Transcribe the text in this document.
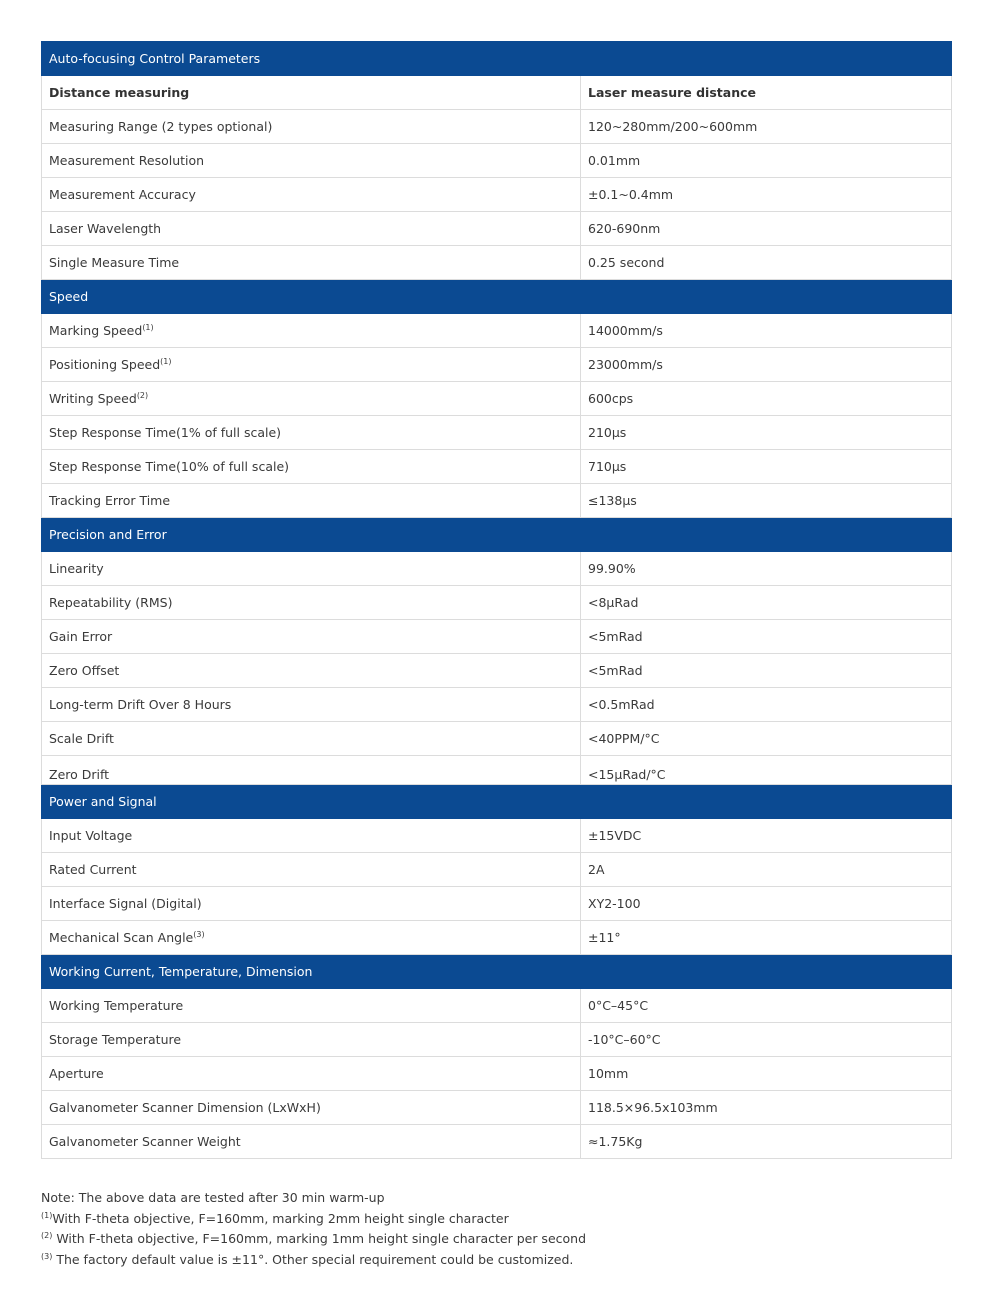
Auto-focusing Control Parameters	
Distance measuring	Laser measure distance
Measuring Range (2 types optional)	120~280mm/200~600mm
Measurement Resolution	0.01mm
Measurement Accuracy	±0.1~0.4mm
Laser Wavelength	620-690nm
Single Measure Time	0.25 second
Speed	
Marking Speed$^{(1)}$	14000mm/s
Positioning Speed$^{(1)}$	23000mm/s
Writing Speed$^{(2)}$	600cps
Step Response Time(1% of full scale)	210μs
Step Response Time(10% of full scale)	710μs
Tracking Error Time	≤138μs
Precision and Error	
Linearity	99.90%
Repeatability (RMS)	<8μRad
Gain Error	<5mRad
Zero Offset	<5mRad
Long-term Drift Over 8 Hours	<0.5mRad
Scale Drift	<40PPM/°C
Zero Drift	<15μRad/°C
Power and Signal	
Input Voltage	±15VDC
Rated Current	2A
Interface Signal (Digital)	XY2-100
Mechanical Scan Angle$^{(3)}$	±11°
Working Current, Temperature, Dimension	
Working Temperature	0°C–45°C
Storage Temperature	-10°C–60°C
Aperture	10mm
Galvanometer Scanner Dimension (LxWxH)	118.5×96.5x103mm
Galvanometer Scanner Weight	≈1.75Kg
Note: The above data are tested after 30 min warm-up
$^{(1)}$With F-theta objective, F=160mm, marking 2mm height single character
$^{(2)}$ With F-theta objective, F=160mm, marking 1mm height single character per second
$^{(3)}$ The factory default value is ±11°. Other special requirement could be customized.
